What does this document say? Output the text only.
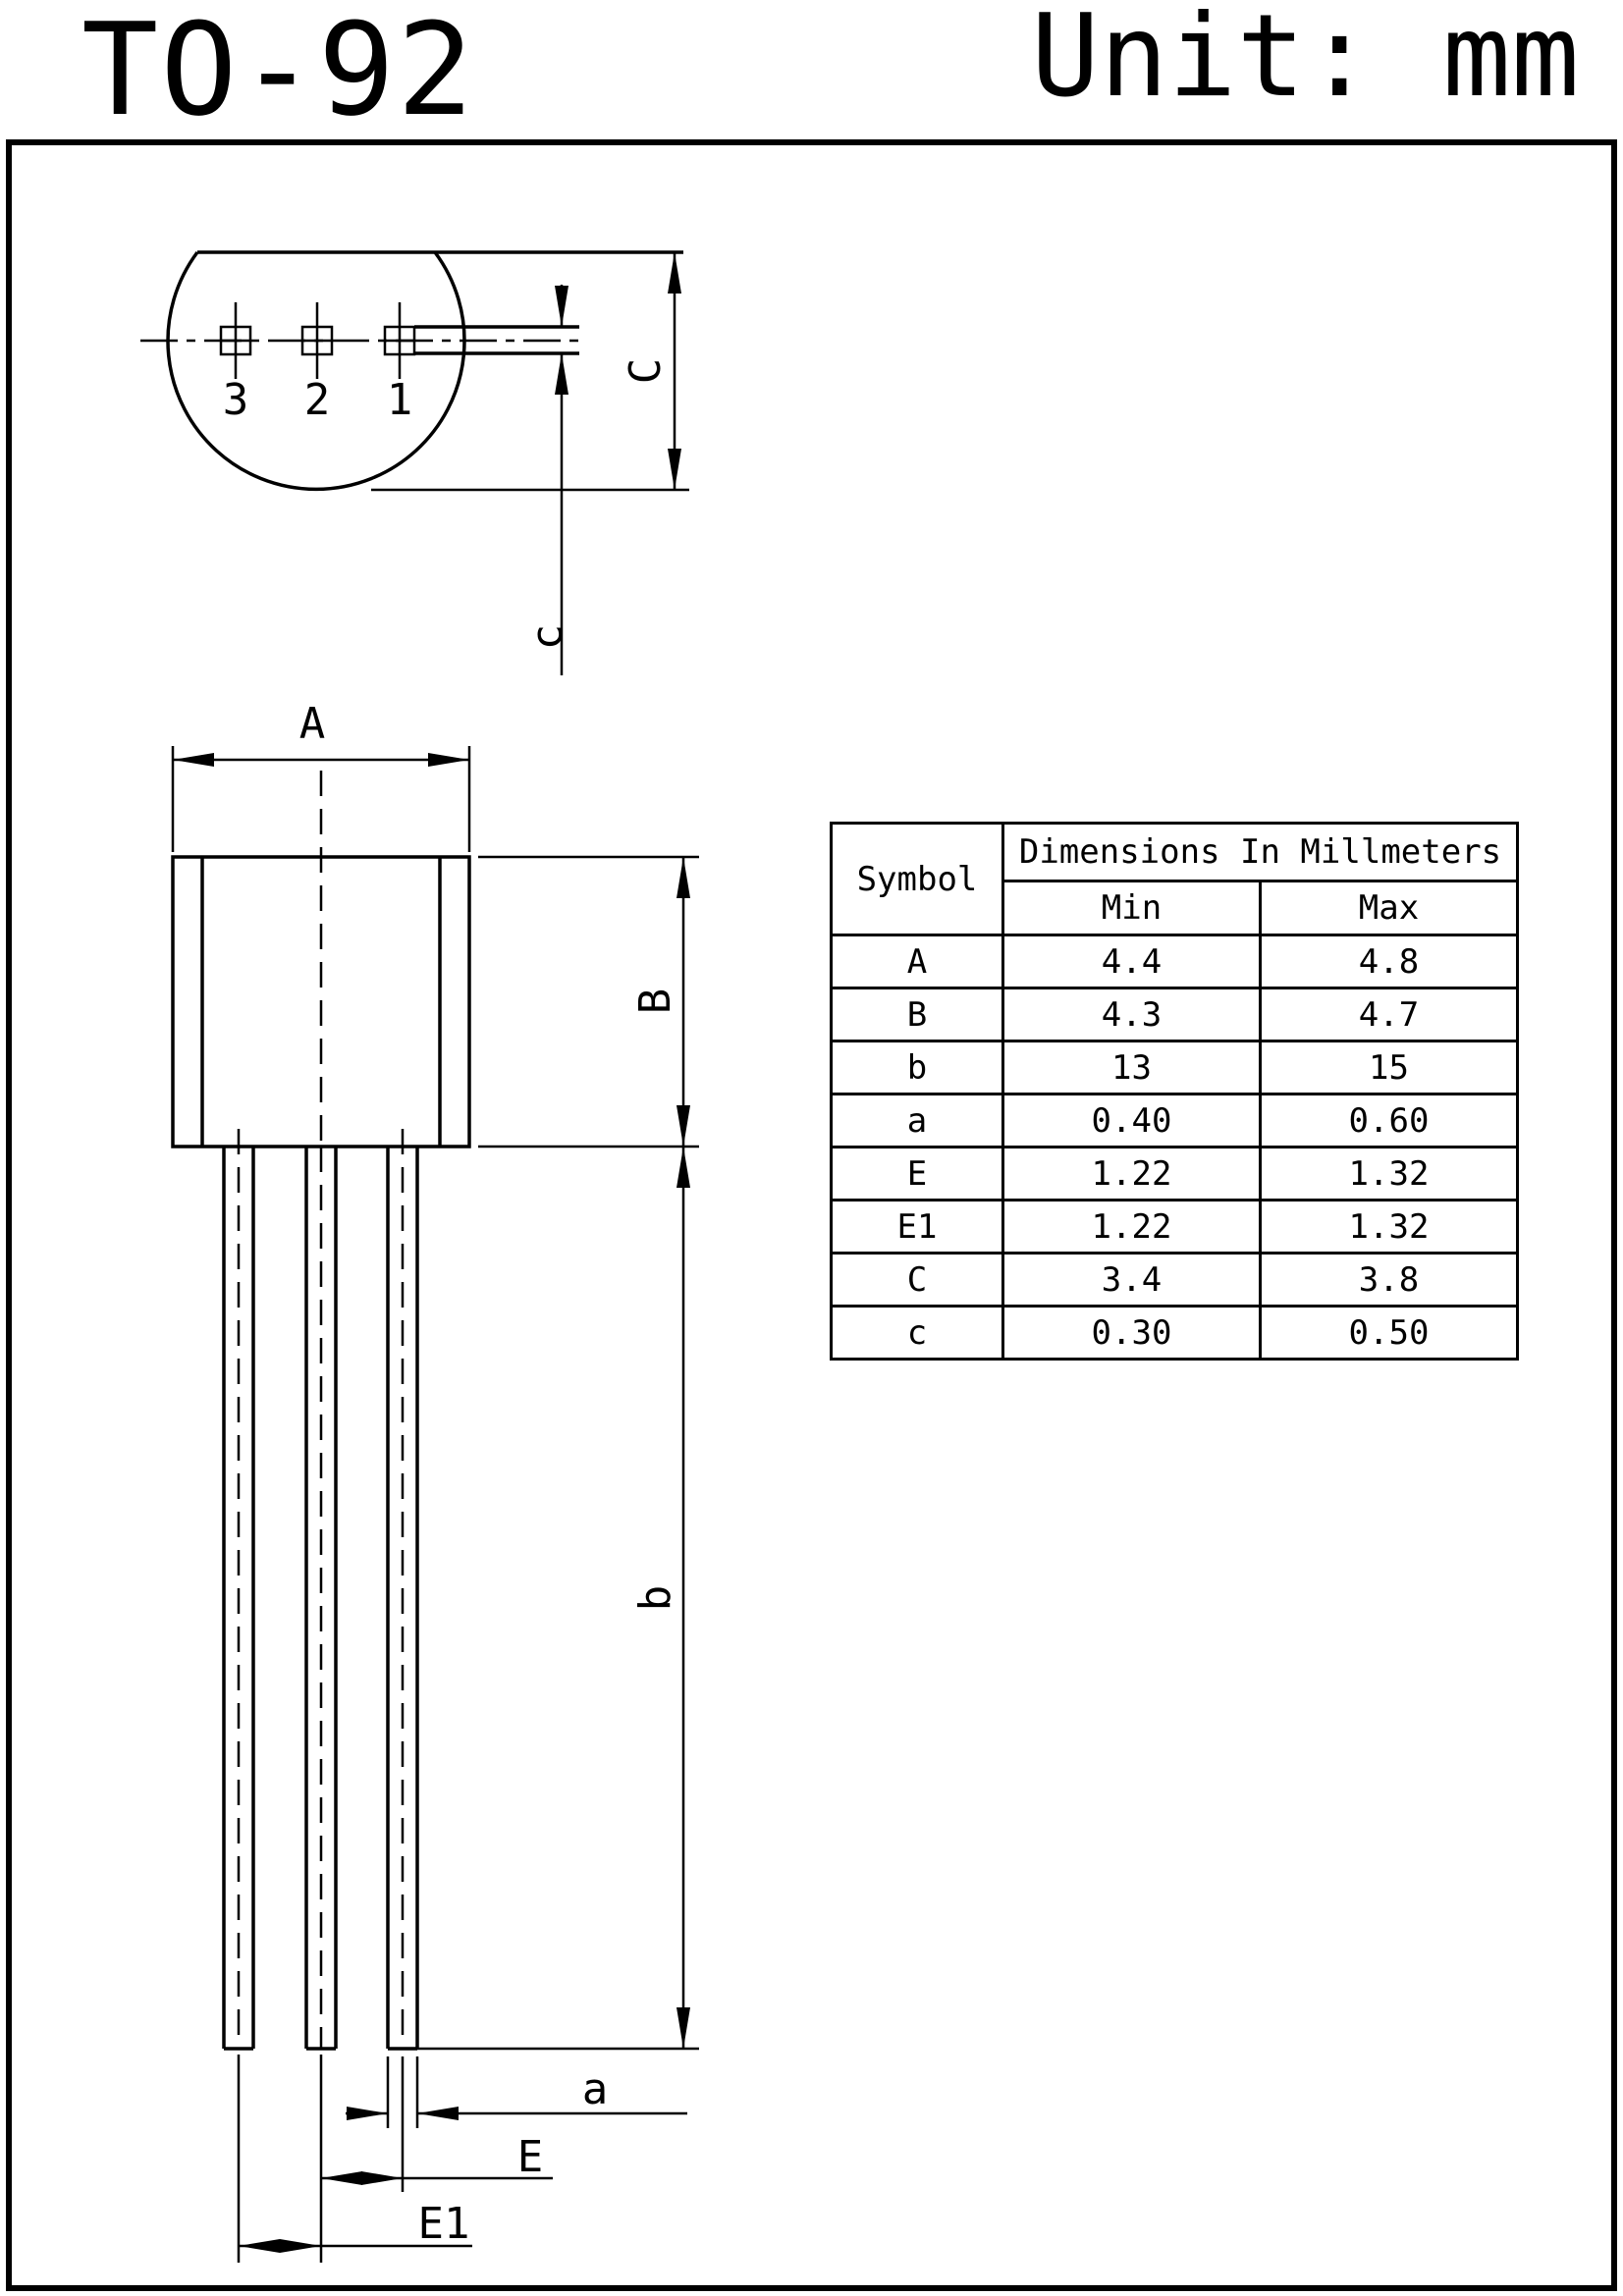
TO-92	Unit: mm
3 2 1
c
C
A
B
b
a
E
E1
Symbol	Dimensions In Millmeters	
	Min	Max
A	4.4	4.8
B	4.3	4.7
b	13	15
a	0.40	0.60
E	1.22	1.32
E1	1.22	1.32
C	3.4	3.8
c	0.30	0.50
